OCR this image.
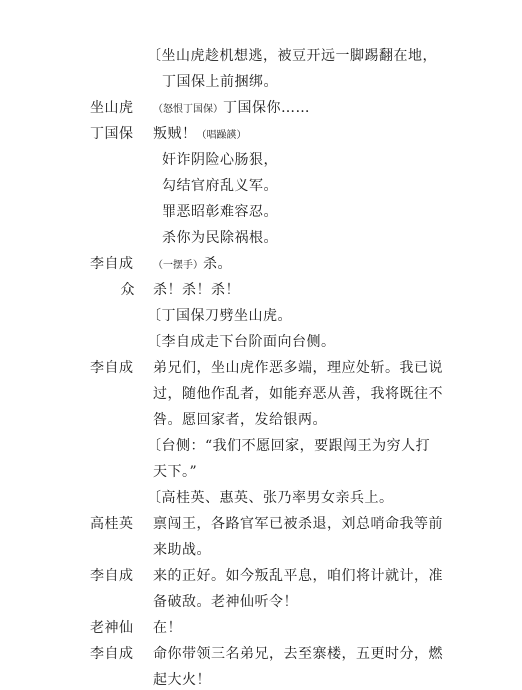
〔坐山虎趁机想逃，被豆开远一脚踢翻在地，
丁国保上前捆绑。
坐山虎	（怒恨丁国保）丁国保你……
丁国保	叛贼！（唱躁韺）
奸诈阴险心肠狠，
勾结官府乱义军。
罪恶昭彰难容忍。
杀你为民除祸根。
李自成	（一摆手）杀。
众 杀！杀！杀！
〔丁国保刀劈坐山虎。
〔李自成走下台阶面向台侧。
李自成	弟兄们，坐山虎作恶多端，理应处斩。我已说
过，随他作乱者，如能弃恶从善，我将既往不
咎。愿回家者，发给银两。
〔台侧：“我们不愿回家，要跟闯王为穷人打
天下。”
〔高桂英、惠英、张乃率男女亲兵上。
高桂英	禀闯王，各路官军已被杀退，刘总哨命我等前
来助战。
李自成	来的正好。如今叛乱平息，咱们将计就计，准
备破敌。老神仙听令！
老神仙	在！
李自成	命你带领三名弟兄，去至寨楼，五更时分，燃
起大火！
